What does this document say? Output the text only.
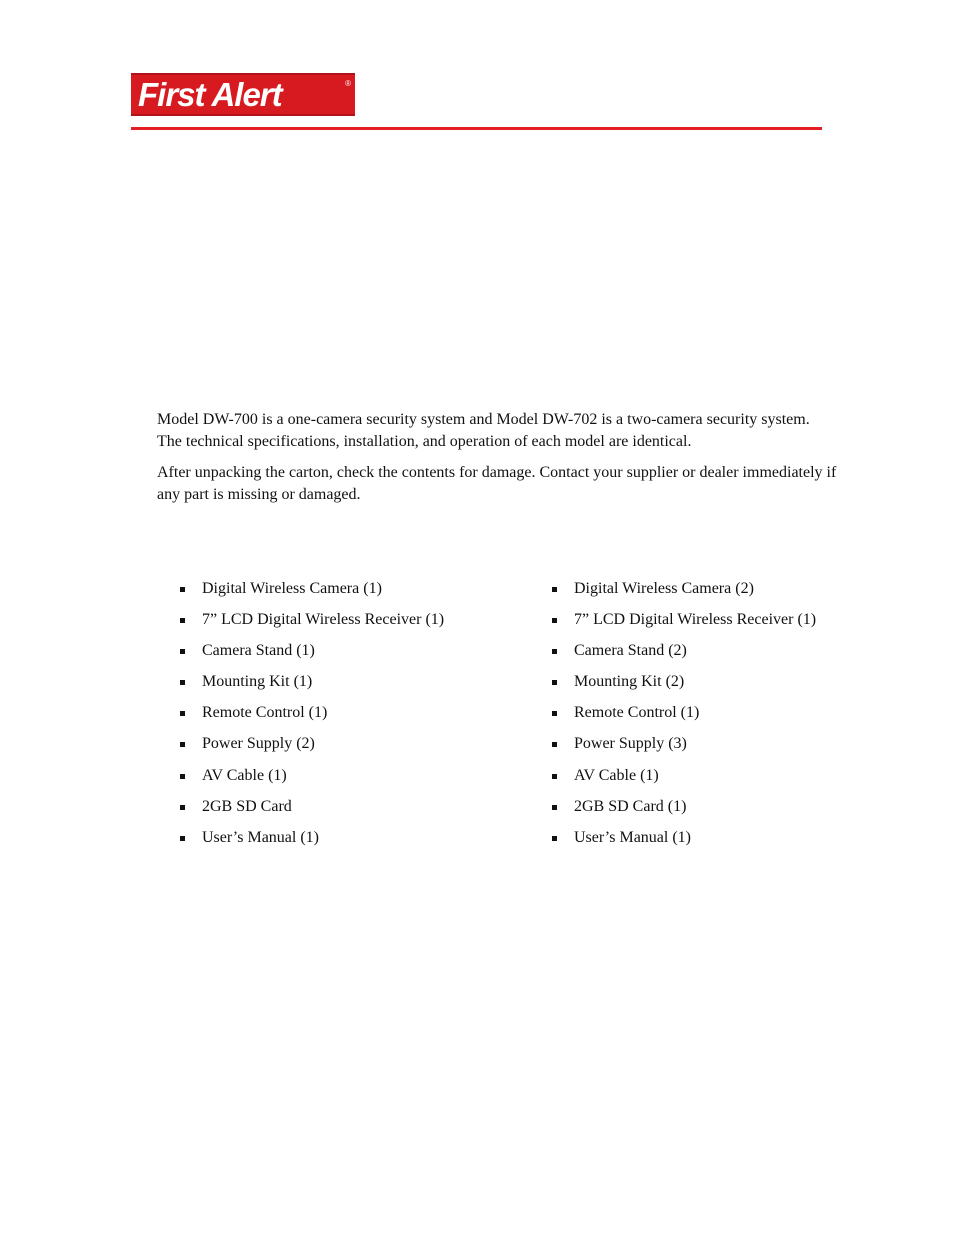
First Alert	®

Model DW-700 is a one-camera security system and Model DW-702 is a two-camera security system. The technical specifications, installation, and operation of each model are identical.

After unpacking the carton, check the contents for damage. Contact your supplier or dealer immediately if any part is missing or damaged.

Digital Wireless Camera (1)
7” LCD Digital Wireless Receiver (1)
Camera Stand (1)
Mounting Kit (1)
Remote Control (1)
Power Supply (2)
AV Cable (1)
2GB SD Card
User’s Manual (1)
Digital Wireless Camera (2)
7” LCD Digital Wireless Receiver (1)
Camera Stand (2)
Mounting Kit (2)
Remote Control (1)
Power Supply (3)
AV Cable (1)
2GB SD Card (1)
User’s Manual (1)
